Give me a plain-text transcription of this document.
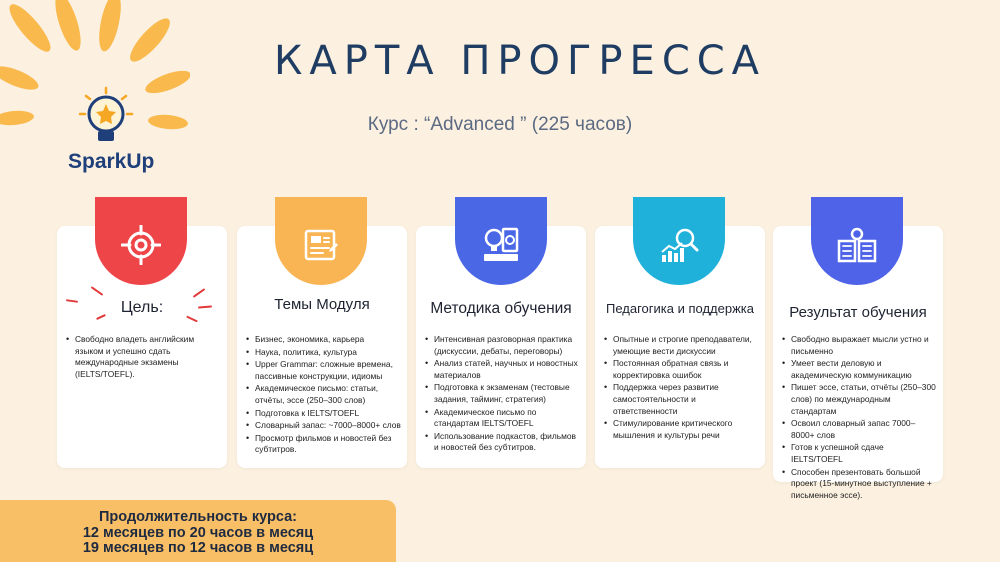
SparkUp
КАРТА ПРОГРЕССА
Курс : “Advanced ” (225 часов)
Цель:
• Свободно владеть английским языком и успешно сдать международные экзамены (IELTS/TOEFL).
Темы Модуля
• Бизнес, экономика, карьера
• Наука, политика, культура
• Upper Grammar: сложные времена, пассивные конструкции, идиомы
• Академическое письмо: статьи, отчёты, эссе (250–300 слов)
• Подготовка к IELTS/TOEFL
• Словарный запас: ~7000–8000+ слов
• Просмотр фильмов и новостей без субтитров.
Методика обучения
• Интенсивная разговорная практика (дискуссии, дебаты, переговоры)
• Анализ статей, научных и новостных материалов
• Подготовка к экзаменам (тестовые задания, тайминг, стратегия)
• Академическое письмо по стандартам IELTS/TOEFL
• Использование подкастов, фильмов и новостей без субтитров.
Педагогика и поддержка
• Опытные и строгие преподаватели, умеющие вести дискуссии
• Постоянная обратная связь и корректировка ошибок
• Поддержка через развитие самостоятельности и ответственности
• Стимулирование критического мышления и культуры речи
Результат обучения
• Свободно выражает мысли устно и письменно
• Умеет вести деловую и академическую коммуникацию
• Пишет эссе, статьи, отчёты (250–300 слов) по международным стандартам
• Освоил словарный запас 7000–8000+ слов
• Готов к успешной сдаче IELTS/TOEFL
• Способен презентовать большой проект (15-минутное выступление + письменное эссе).
Продолжительность курса:
12 месяцев по 20 часов в месяц
19 месяцев по 12 часов в месяц
